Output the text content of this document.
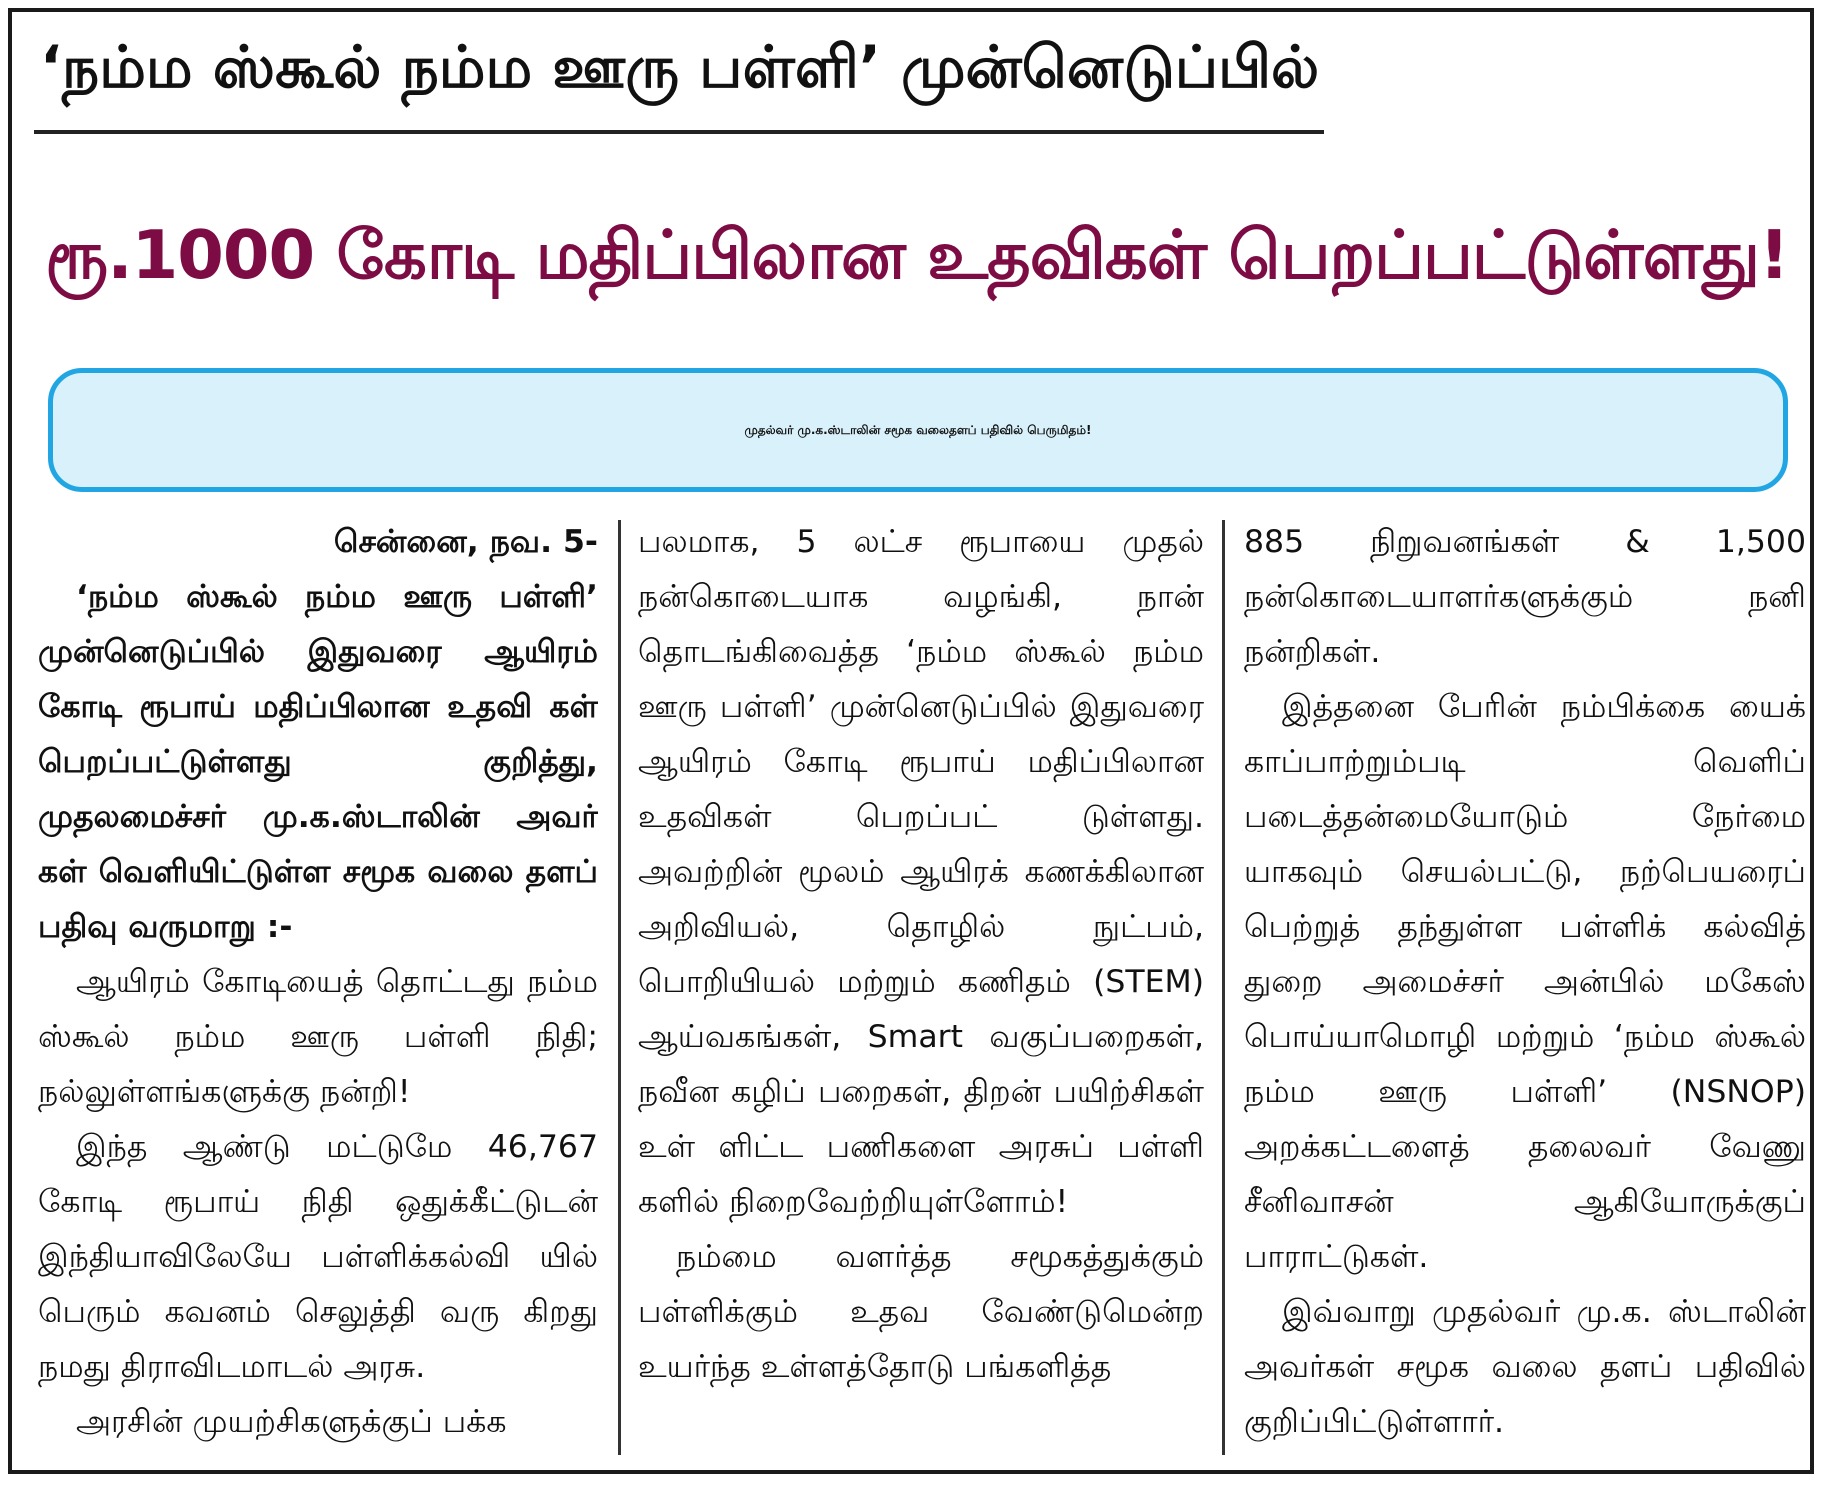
‘நம்ம ஸ்கூல் நம்ம ஊரு பள்ளி’ முன்னெடுப்பில்
ரூ.1000 கோடி மதிப்பிலான உதவிகள் பெறப்பட்டுள்ளது!
முதல்வர் மு.க.ஸ்டாலின் சமூக வலைதளப் பதிவில் பெருமிதம்!

சென்னை, நவ. 5-

‘நம்ம ஸ்கூல் நம்ம ஊரு பள்ளி’ முன்னெடுப்பில் இதுவரை ஆயிரம் கோடி ரூபாய் மதிப்பிலான உதவி கள் பெறப்பட்டுள்ளது குறித்து, முதலமைச்சர் மு.க.ஸ்டாலின் அவர் கள் வெளியிட்டுள்ள சமூக வலை தளப் பதிவு வருமாறு :-

ஆயிரம் கோடியைத் தொட்டது நம்ம ஸ்கூல் நம்ம ஊரு பள்ளி நிதி; நல்லுள்ளங்களுக்கு நன்றி!

இந்த ஆண்டு மட்டுமே 46,767 கோடி ரூபாய் நிதி ஒதுக்கீட்டுடன் இந்தியாவிலேயே பள்ளிக்கல்வி யில் பெரும் கவனம் செலுத்தி வரு கிறது நமது திராவிடமாடல் அரசு.

அரசின் முயற்சிகளுக்குப் பக்க

பலமாக, 5 லட்ச ரூபாயை முதல் நன்கொடையாக வழங்கி, நான் தொடங்கிவைத்த ‘நம்ம ஸ்கூல் நம்ம ஊரு பள்ளி’ முன்னெடுப்பில் இதுவரை ஆயிரம் கோடி ரூபாய் மதிப்பிலான உதவிகள் பெறப்பட் டுள்ளது. அவற்றின் மூலம் ஆயிரக் கணக்கிலான அறிவியல், தொழில் நுட்பம், பொறியியல் மற்றும் கணிதம் (STEM) ஆய்வகங்கள், Smart வகுப்பறைகள், நவீன கழிப் பறைகள், திறன் பயிற்சிகள் உள் ளிட்ட பணிகளை அரசுப் பள்ளி களில் நிறைவேற்றியுள்ளோம்!

நம்மை வளர்த்த சமூகத்துக்கும் பள்ளிக்கும் உதவ வேண்டுமென்ற உயர்ந்த உள்ளத்தோடு பங்களித்த

885 நிறுவனங்கள் & 1,500 நன்கொடையாளர்களுக்கும் நனி நன்றிகள்.

இத்தனை பேரின் நம்பிக்கை யைக் காப்பாற்றும்படி வெளிப் படைத்தன்மையோடும் நேர்மை யாகவும் செயல்பட்டு, நற்பெயரைப் பெற்றுத் தந்துள்ள பள்ளிக் கல்வித் துறை அமைச்சர் அன்பில் மகேஸ் பொய்யாமொழி மற்றும் ‘நம்ம ஸ்கூல் நம்ம ஊரு பள்ளி’ (NSNOP) அறக்கட்டளைத் தலைவர் வேணு சீனிவாசன் ஆகியோருக்குப் பாராட்டுகள்.

இவ்வாறு முதல்வர் மு.க. ஸ்டாலின் அவர்கள் சமூக வலை தளப் பதிவில் குறிப்பிட்டுள்ளார்.
